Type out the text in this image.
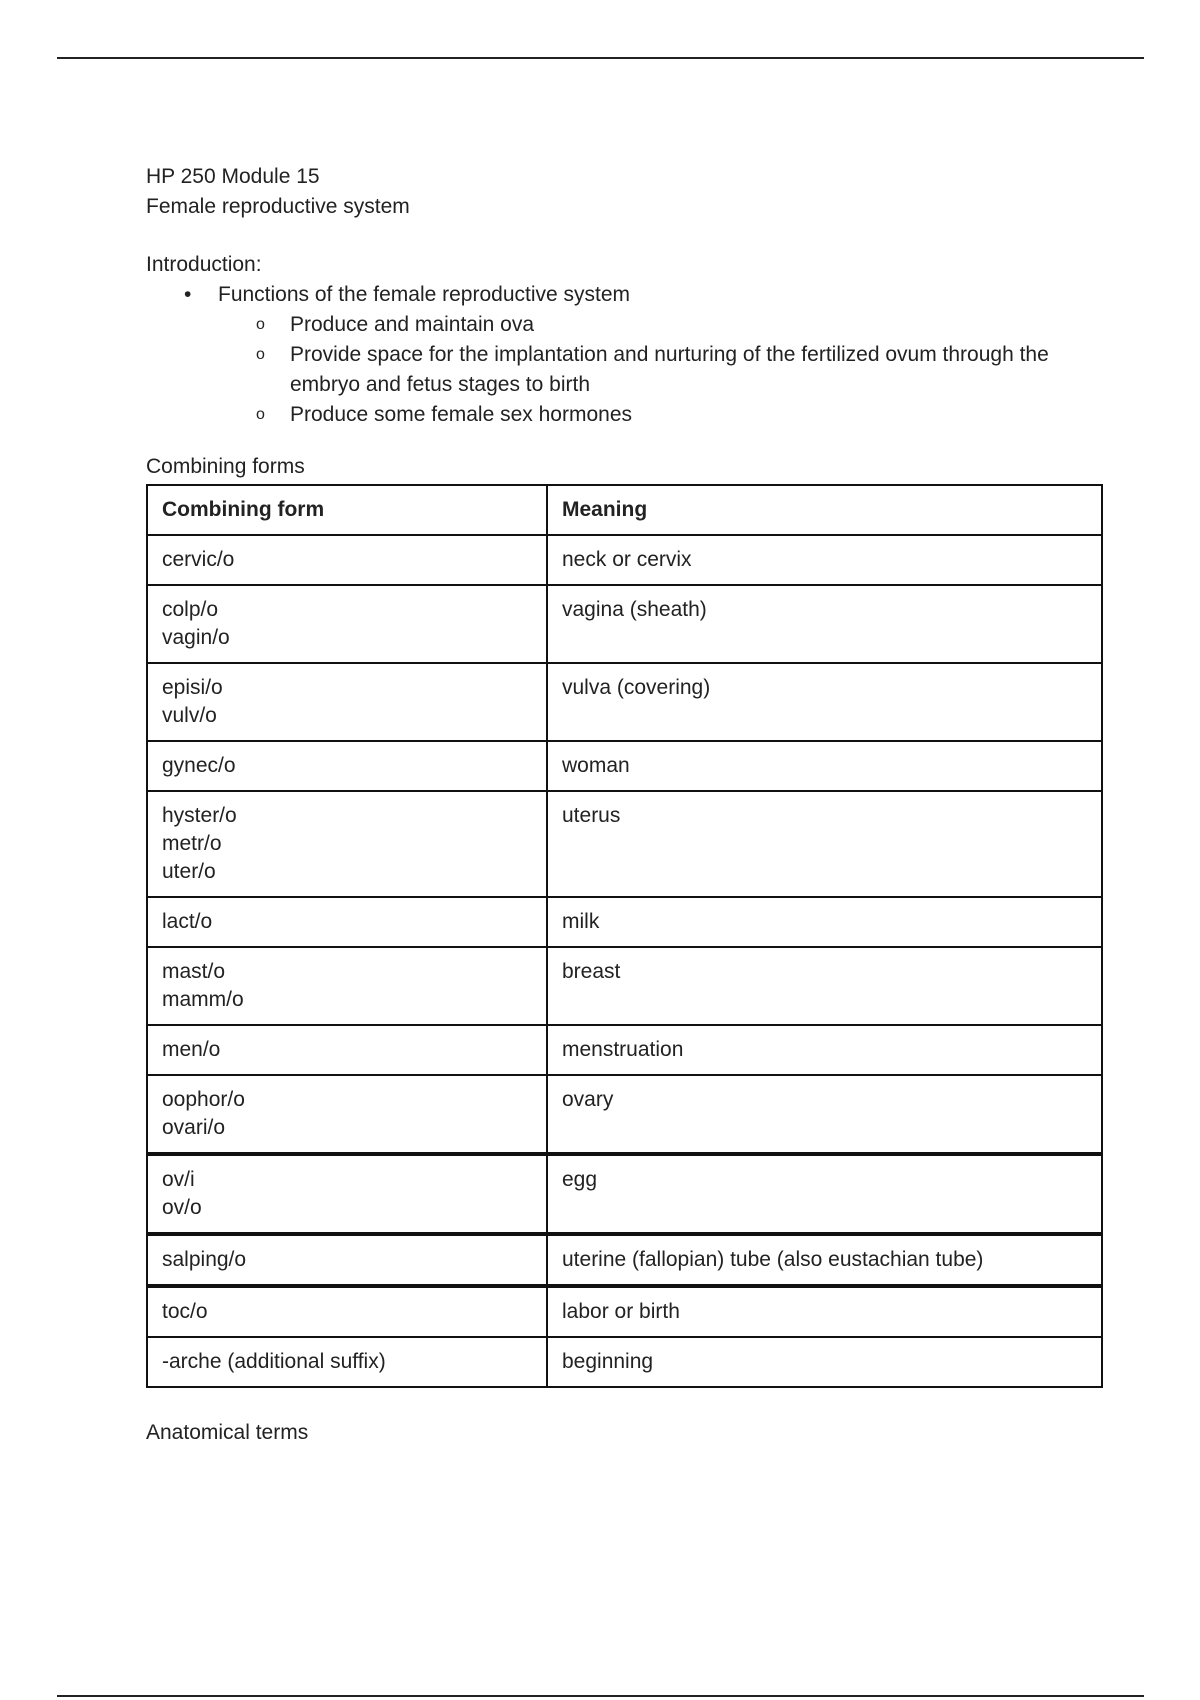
HP 250 Module 15
Female reproductive system
Introduction:
• Functions of the female reproductive system
o Produce and maintain ova
o Provide space for the implantation and nurturing of the fertilized ovum through the embryo and fetus stages to birth
o Produce some female sex hormones
Combining forms
Combining form	Meaning

cervic/o	neck or cervix

colp/o
vagin/o	vagina (sheath)

episi/o
vulv/o	vulva (covering)

gynec/o	woman

hyster/o
metr/o
uter/o	uterus

lact/o	milk

mast/o
mamm/o	breast

men/o	menstruation

oophor/o
ovari/o	ovary

ov/i
ov/o	egg

salping/o	uterine (fallopian) tube (also eustachian tube)

toc/o	labor or birth

-arche (additional suffix)	beginning
Anatomical terms
